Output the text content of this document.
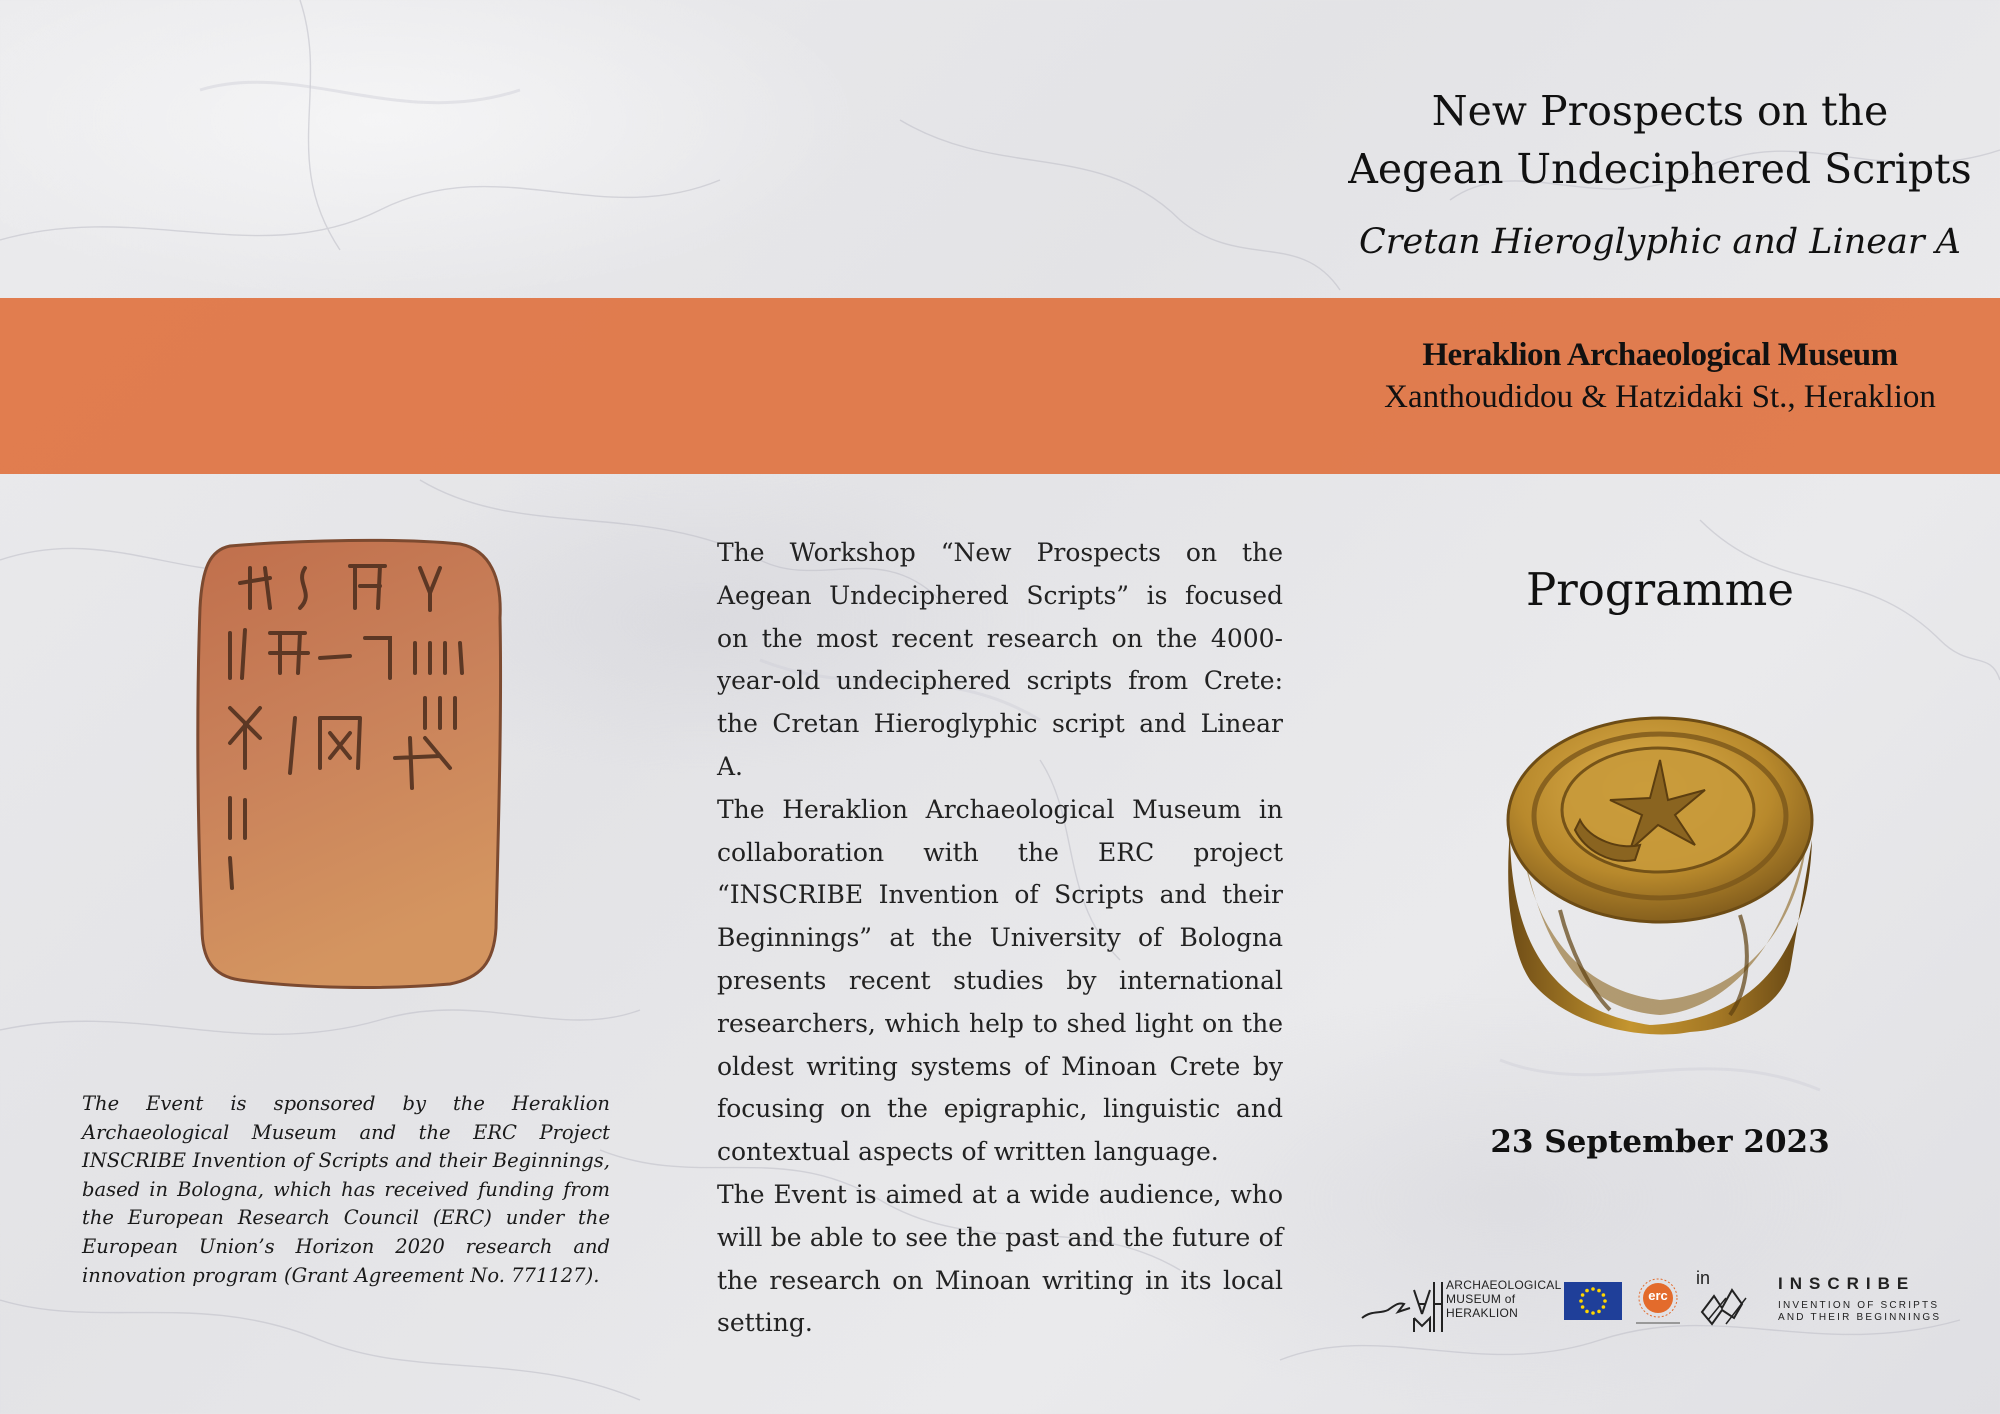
New Prospects on the
Aegean Undeciphered Scripts
Cretan Hieroglyphic and Linear A
Heraklion Archaeological Museum
Xanthoudidou & Hatzidaki St., Heraklion

The Workshop “New Prospects on the Aegean Undeciphered Scripts” is focused on the most recent research on the 4000-year-old undeciphered scripts from Crete: the Cretan Hieroglyphic script and Linear A.

The Heraklion Archaeological Museum in collaboration with the ERC project “INSCRIBE Invention of Scripts and their Beginnings” at the University of Bologna presents recent studies by international researchers, which help to shed light on the oldest writing systems of Minoan Crete by focusing on the epigraphic, linguistic and contextual aspects of written language.

The Event is aimed at a wide audience, who will be able to see the past and the future of the research on Minoan writing in its local setting.

The Event is sponsored by the Heraklion Archaeological Museum and the ERC Project INSCRIBE Invention of Scripts and their Beginnings, based in Bologna, which has received funding from the European Research Council (ERC) under the European Union’s Horizon 2020 research and innovation program (Grant Agreement No. 771127).
Programme
23 September 2023
ARCHAEOLOGICAL
MUSEUM of
HERAKLION
erc
in	INSCRIBE
INVENTION OF SCRIPTS
AND THEIR BEGINNINGS
